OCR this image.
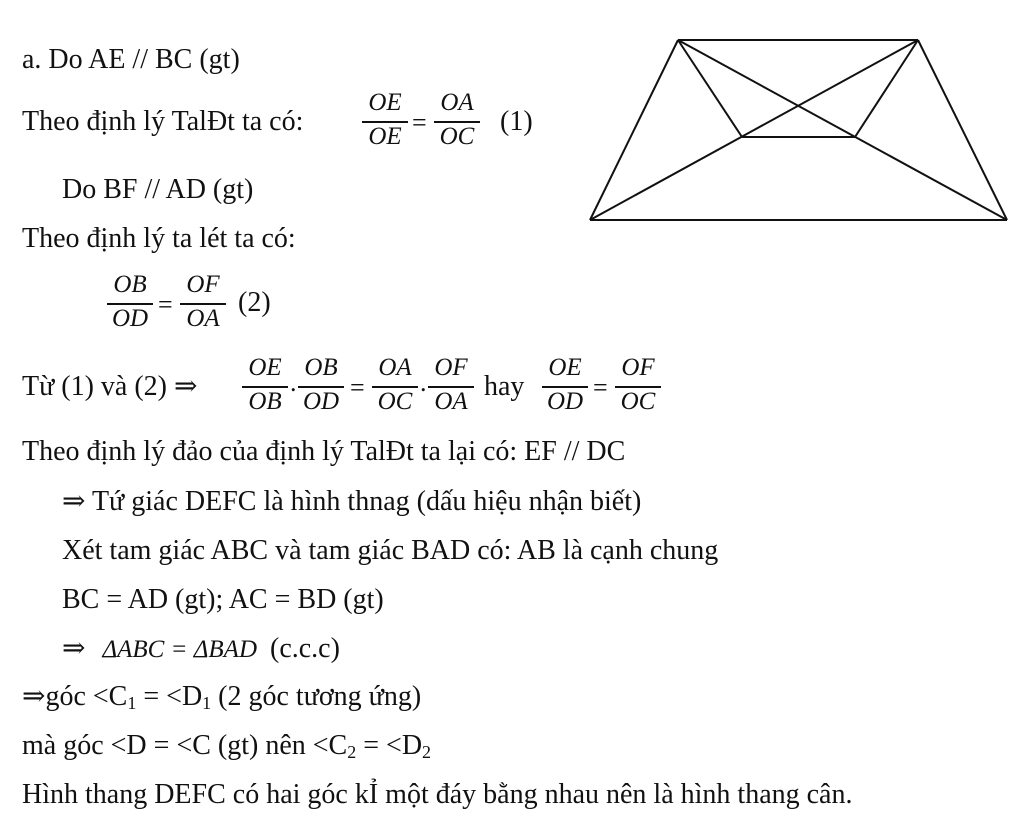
a. Do AE // BC (gt)
Theo định lý TalĐt ta có:
OE
OE =
OA
OC (1)
Do BF // AD (gt)
Theo định lý ta lét ta có:
OB
OD =
OF
OA
(2)
Từ (1) và (2) ⇒
OE
OB
.
OB
OD =
OA
OC
.
OF
OA hay
OE
OD =
OF
OC
Theo định lý đảo của định lý TalĐt ta lại có: EF // DC
⇒ Tứ giác DEFC là hình thnag (dấu hiệu nhận biết)
Xét tam giác ABC và tam giác BAD có: AB là cạnh chung
BC = AD (gt); AC = BD (gt)
⇒ ΔABC = ΔBAD (c.c.c)
⇒góc $<C_1 = <D_1$ (2 góc tương ứng)
mà góc <D = <C (gt) nên $<C_2 = <D_2$
Hình thang DEFC có hai góc kỈ một đáy bằng nhau nên là hình thang cân.
